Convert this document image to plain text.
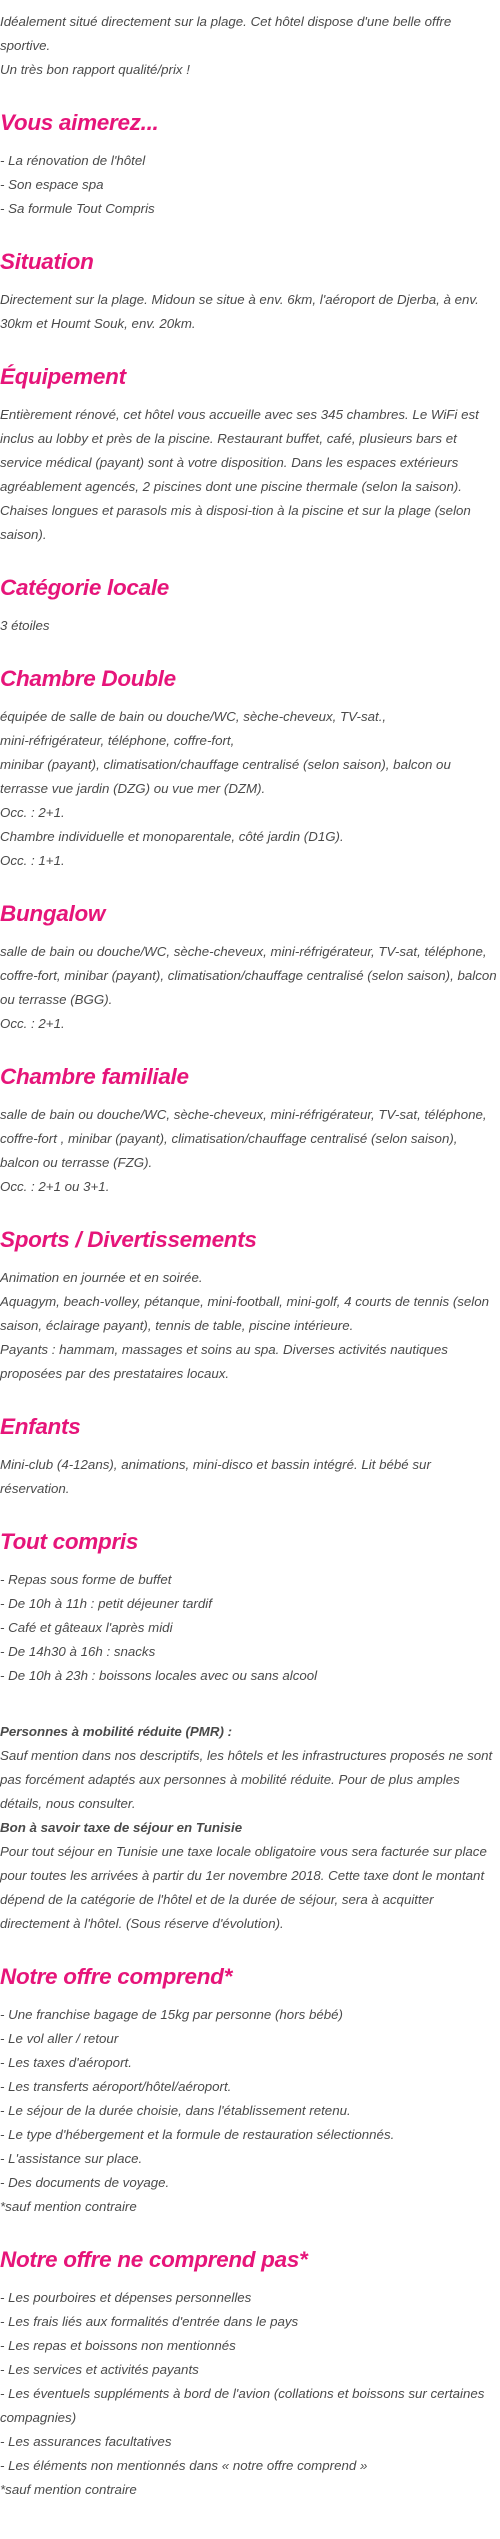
Idéalement situé directement sur la plage. Cet hôtel dispose d'une belle offre sportive.

Un très bon rapport qualité/prix !

Vous aimerez...

- La rénovation de l'hôtel

- Son espace spa

- Sa formule Tout Compris

Situation

Directement sur la plage. Midoun se situe à env. 6km, l'aéroport de Djerba, à env. 30km et Houmt Souk, env. 20km.

Équipement

Entièrement rénové, cet hôtel vous accueille avec ses 345 chambres. Le WiFi est inclus au lobby et près de la piscine. Restaurant buffet, café, plusieurs bars et service médical (payant) sont à votre disposition. Dans les espaces extérieurs agréablement agencés, 2 piscines dont une piscine thermale (selon la saison). Chaises longues et parasols mis à disposi-tion à la piscine et sur la plage (selon saison).

Catégorie locale

3 étoiles

Chambre Double

équipée de salle de bain ou douche/WC, sèche-cheveux, TV-sat.,

mini-réfrigérateur, téléphone, coffre-fort,

minibar (payant), climatisation/chauffage centralisé (selon saison), balcon ou terrasse vue jardin (DZG) ou vue mer (DZM).

Occ. : 2+1.

Chambre individuelle et monoparentale, côté jardin (D1G).

Occ. : 1+1.

Bungalow

salle de bain ou douche/WC, sèche-cheveux, mini-réfrigérateur, TV-sat, téléphone, coffre-fort, minibar (payant), climatisation/chauffage centralisé (selon saison), balcon ou terrasse (BGG).

Occ. : 2+1.

Chambre familiale

salle de bain ou douche/WC, sèche-cheveux, mini-réfrigérateur, TV-sat, téléphone, coffre-fort , minibar (payant), climatisation/chauffage centralisé (selon saison), balcon ou terrasse (FZG).

Occ. : 2+1 ou 3+1.

Sports / Divertissements

Animation en journée et en soirée.

Aquagym, beach-volley, pétanque, mini-football, mini-golf, 4 courts de tennis (selon saison, éclairage payant), tennis de table, piscine intérieure.

Payants : hammam, massages et soins au spa. Diverses activités nautiques proposées par des prestataires locaux.

Enfants

Mini-club (4-12ans), animations, mini-disco et bassin intégré. Lit bébé sur réservation.

Tout compris

- Repas sous forme de buffet

- De 10h à 11h : petit déjeuner tardif

- Café et gâteaux l'après midi

- De 14h30 à 16h : snacks

- De 10h à 23h : boissons locales avec ou sans alcool

Personnes à mobilité réduite (PMR) :

Sauf mention dans nos descriptifs, les hôtels et les infrastructures proposés ne sont pas forcément adaptés aux personnes à mobilité réduite. Pour de plus amples détails, nous consulter.

Bon à savoir taxe de séjour en Tunisie

Pour tout séjour en Tunisie une taxe locale obligatoire vous sera facturée sur place pour toutes les arrivées à partir du 1er novembre 2018. Cette taxe dont le montant dépend de la catégorie de l'hôtel et de la durée de séjour, sera à acquitter directement à l'hôtel. (Sous réserve d'évolution).

Notre offre comprend*

- Une franchise bagage de 15kg par personne (hors bébé)

- Le vol aller / retour

- Les taxes d'aéroport.

- Les transferts aéroport/hôtel/aéroport.

- Le séjour de la durée choisie, dans l'établissement retenu.

- Le type d'hébergement et la formule de restauration sélectionnés.

- L'assistance sur place.

- Des documents de voyage.

*sauf mention contraire

Notre offre ne comprend pas*

- Les pourboires et dépenses personnelles

- Les frais liés aux formalités d'entrée dans le pays

- Les repas et boissons non mentionnés

- Les services et activités payants

- Les éventuels suppléments à bord de l'avion (collations et boissons sur certaines compagnies)

- Les assurances facultatives

- Les éléments non mentionnés dans « notre offre comprend »

*sauf mention contraire
